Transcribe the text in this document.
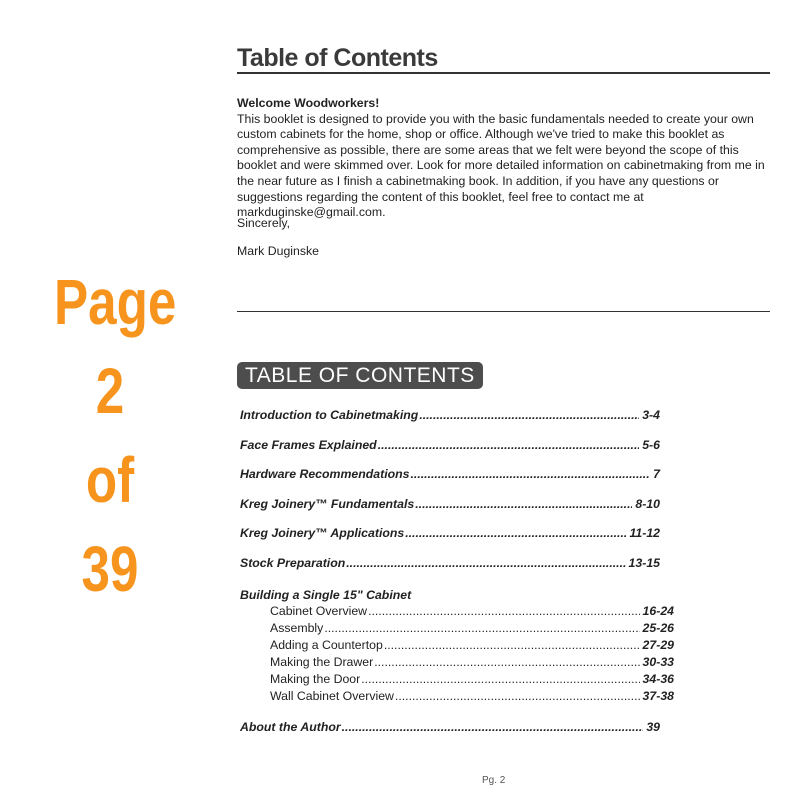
Page
2
of
39
Table of Contents
Welcome Woodworkers!
This booklet is designed to provide you with the basic fundamentals needed to create your own custom cabinets for the home, shop or office. Although we've tried to make this booklet as comprehensive as possible, there are some areas that we felt were beyond the scope of this booklet and were skimmed over. Look for more detailed information on cabinetmaking from me in the near future as I finish a cabinetmaking book. In addition, if you have any questions or suggestions regarding the content of this booklet, feel free to contact me at markduginske@gmail.com.
Sincerely,
Mark Duginske
TABLE OF CONTENTS
Introduction to Cabinetmaking .....	3-4
Face Frames Explained .....	5-6
Hardware Recommendations .....	7
Kreg Joinery™ Fundamentals .....	8-10
Kreg Joinery™ Applications .....	11-12
Stock Preparation .....	13-15
Building a Single 15" Cabinet
Cabinet Overview .....	16-24
Assembly .....	25-26
Adding a Countertop .....	27-29
Making the Drawer .....	30-33
Making the Door .....	34-36
Wall Cabinet Overview .....	37-38
About the Author .....	39
Pg. 2
